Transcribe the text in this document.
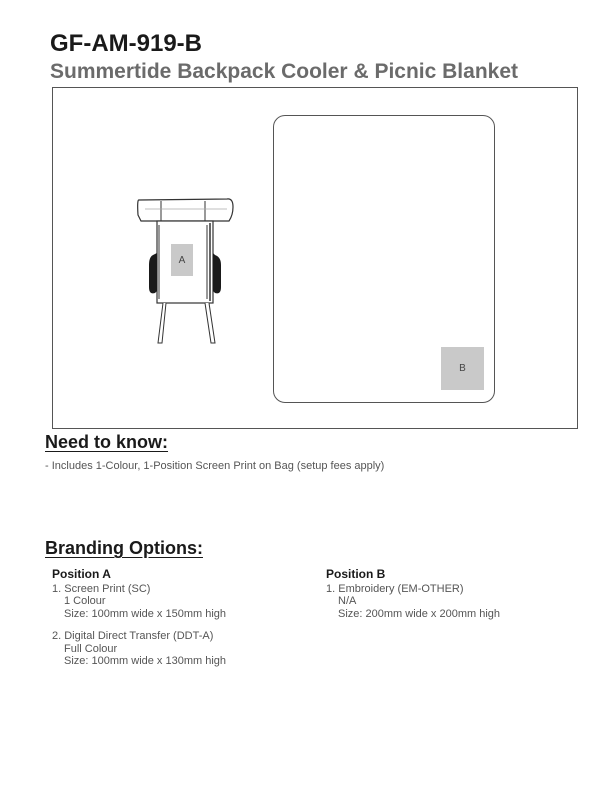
GF-AM-919-B
Summertide Backpack Cooler & Picnic Blanket
A
B
Need to know:
- Includes 1-Colour, 1-Position Screen Print on Bag (setup fees apply)
Branding Options:
Position A
1. Screen Print (SC)
1 Colour
Size: 100mm wide x 150mm high
2. Digital Direct Transfer (DDT-A)
Full Colour
Size: 100mm wide x 130mm high
Position B
1. Embroidery (EM-OTHER)
N/A
Size: 200mm wide x 200mm high
